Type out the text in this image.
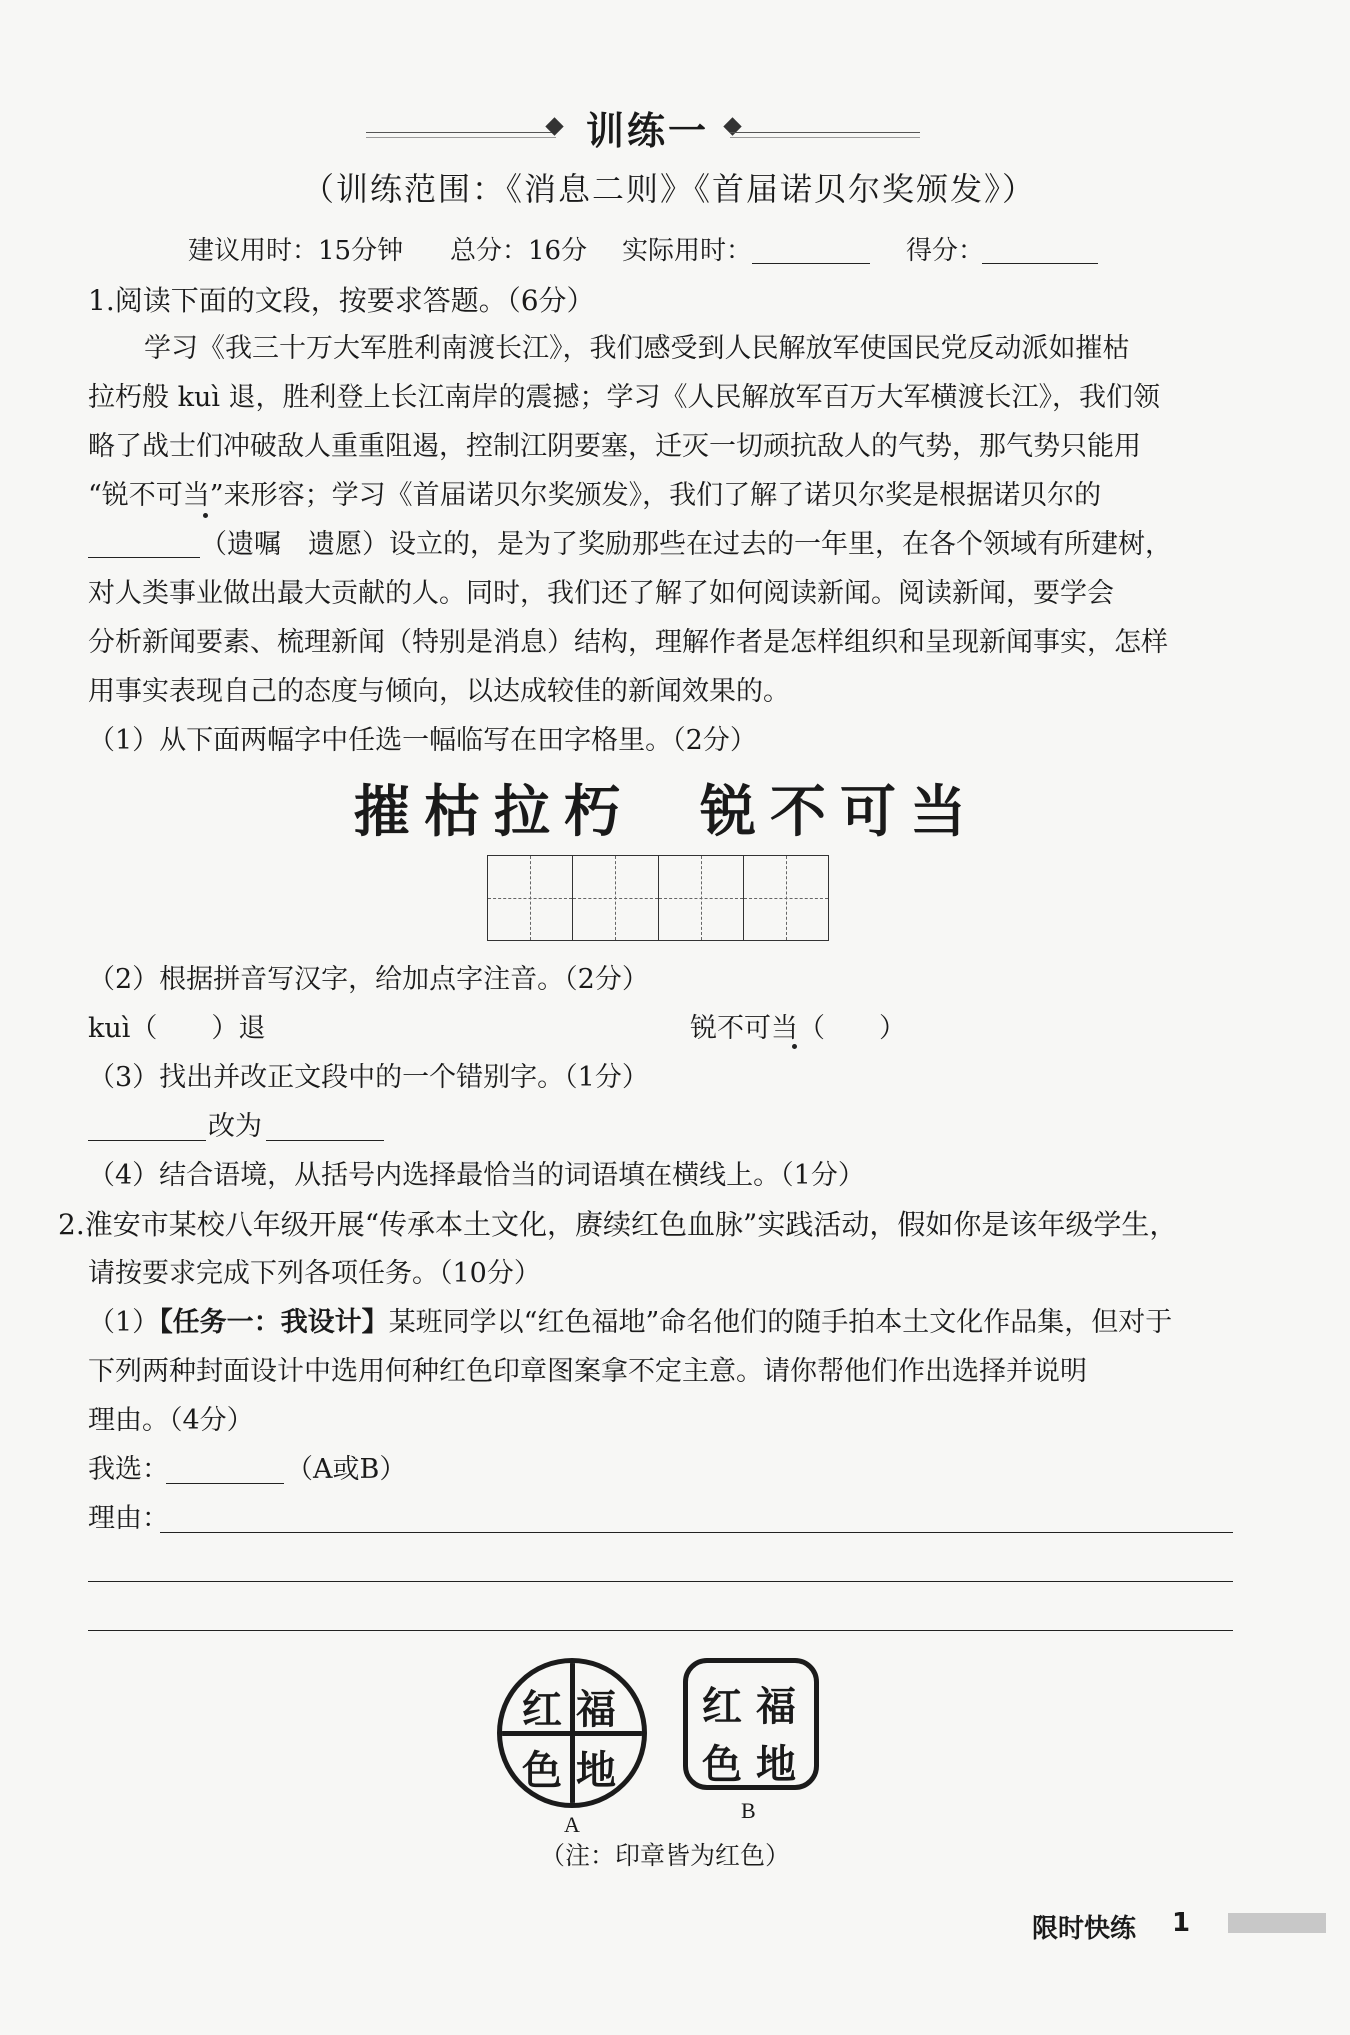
训练一
（训练范围：《消息二则》《首届诺贝尔奖颁发》）
建议用时：15分钟 总分：16分 实际用时：	得分：
1.阅读下面的文段，按要求答题。（6分）
学习《我三十万大军胜利南渡长江》，我们感受到人民解放军使国民党反动派如摧枯
拉朽般 kuì 退，胜利登上长江南岸的震撼；学习《人民解放军百万大军横渡长江》，我们领
略了战士们冲破敌人重重阻遏，控制江阴要塞，迁灭一切顽抗敌人的气势，那气势只能用
“锐不可当”来形容；学习《首届诺贝尔奖颁发》，我们了解了诺贝尔奖是根据诺贝尔的
（遗嘱　遗愿）设立的，是为了奖励那些在过去的一年里，在各个领域有所建树，
对人类事业做出最大贡献的人。同时，我们还了解了如何阅读新闻。阅读新闻，要学会
分析新闻要素、梳理新闻（特别是消息）结构，理解作者是怎样组织和呈现新闻事实，怎样
用事实表现自己的态度与倾向，以达成较佳的新闻效果的。
（1）从下面两幅字中任选一幅临写在田字格里。（2分）
摧枯拉朽 锐不可当
（2）根据拼音写汉字，给加点字注音。（2分）
kuì（　　）退	锐不可当（　　）
（3）找出并改正文段中的一个错别字。（1分）
改为
（4）结合语境，从括号内选择最恰当的词语填在横线上。（1分）
2.淮安市某校八年级开展“传承本土文化，赓续红色血脉”实践活动，假如你是该年级学生，
请按要求完成下列各项任务。（10分）
（1）【任务一：我设计】某班同学以“红色福地”命名他们的随手拍本土文化作品集，但对于
下列两种封面设计中选用何种红色印章图案拿不定主意。请你帮他们作出选择并说明
理由。（4分）
我选：	（A或B）
理由：
红 福
色 地
A
红 福
色 地
B
（注：印章皆为红色）
限时快练 1
